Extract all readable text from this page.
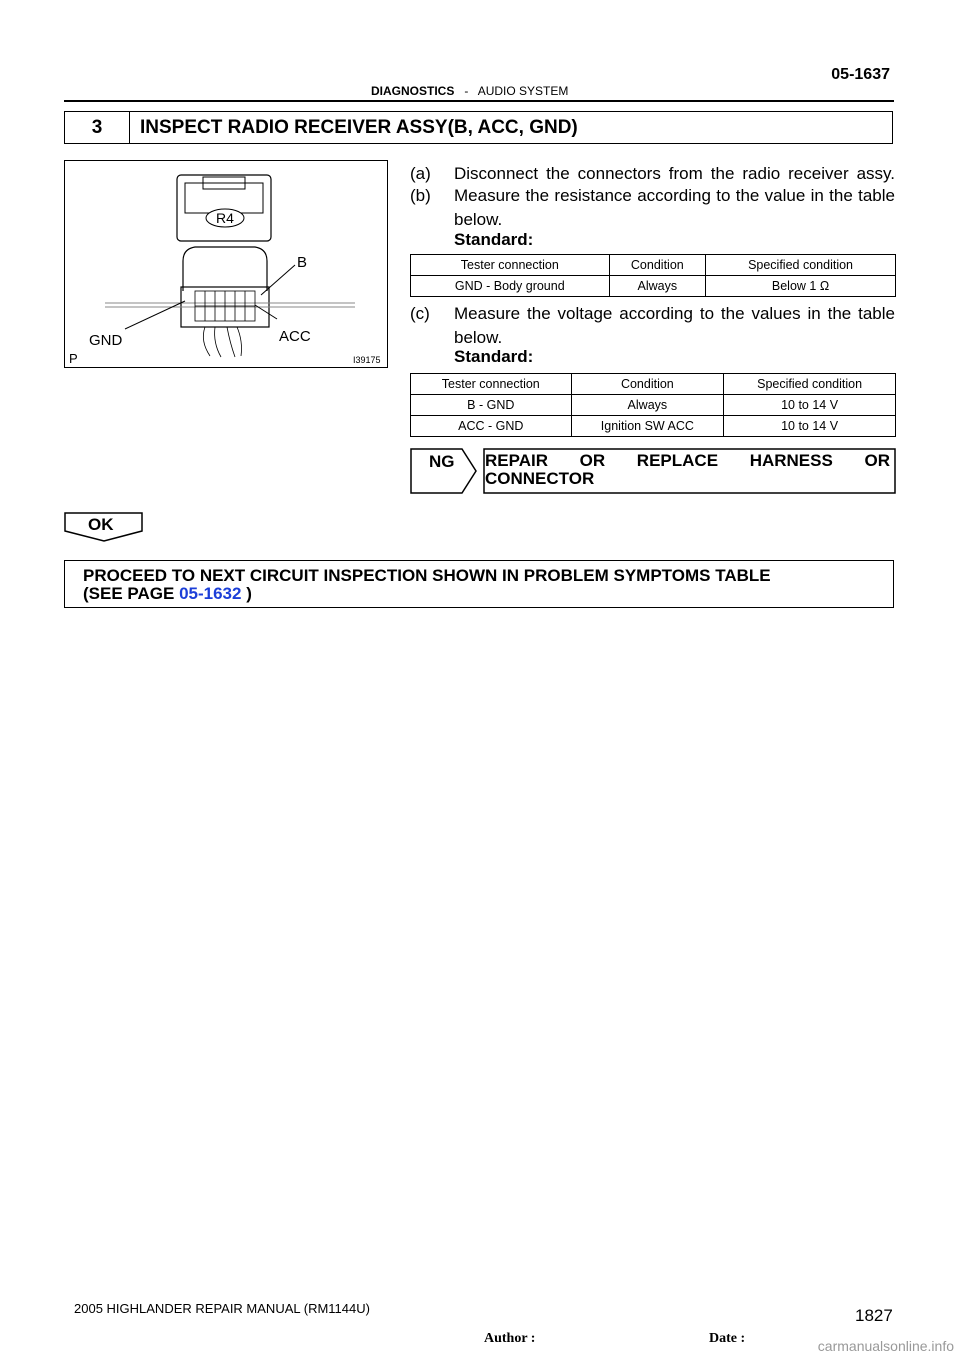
05-1637
DIAGNOSTICS - AUDIO SYSTEM
3	INSPECT RADIO RECEIVER ASSY(B, ACC, GND)
R4
B
GND	ACC
P	I39175
(a) Disconnect the connectors from the radio receiver assy.
(b) Measure the resistance according to the value in the table
below.
Standard:
Tester connection	Condition	Specified condition
GND - Body ground	Always	Below 1 Ω
(c) Measure the voltage according to the values in the table
below.
Standard:
Tester connection	Condition	Specified condition
B - GND	Always	10 to 14 V
ACC - GND	Ignition SW ACC	10 to 14 V
NG REPAIR OR REPLACE HARNESS OR
CONNECTOR
OK
PROCEED TO NEXT CIRCUIT INSPECTION SHOWN IN PROBLEM SYMPTOMS TABLE
(SEE PAGE 05-1632 )
2005 HIGHLANDER REPAIR MANUAL (RM1144U)	1827
Author :	Date :	carmanualsonline.info
